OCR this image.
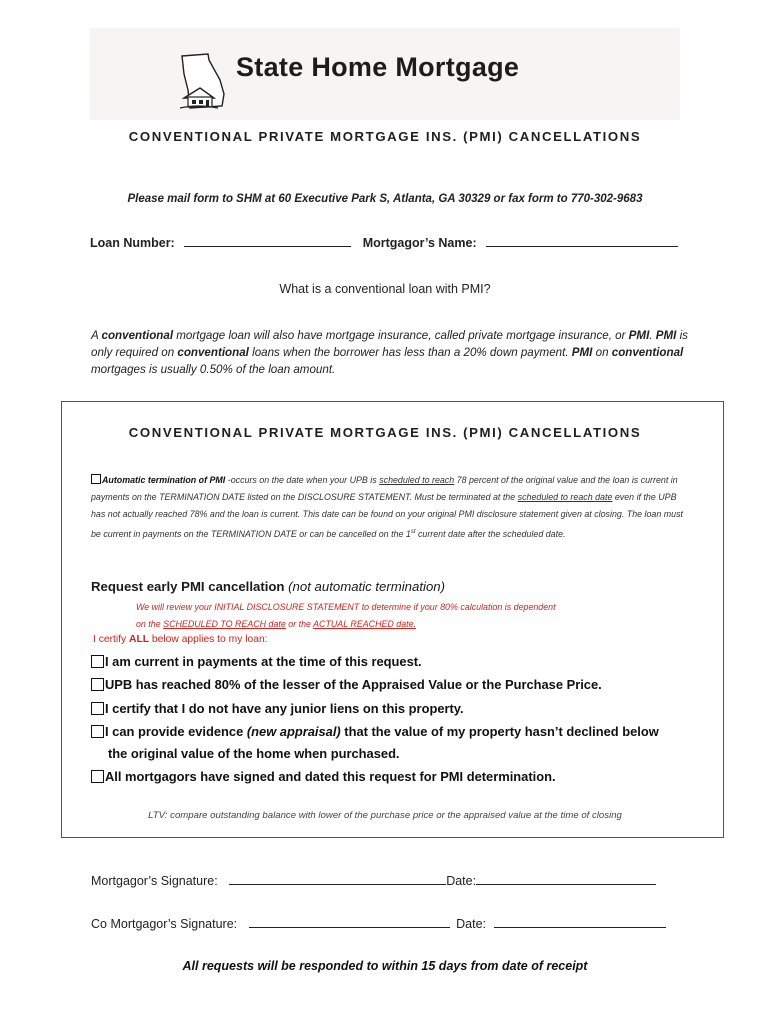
State Home Mortgage
CONVENTIONAL PRIVATE MORTGAGE INS. (PMI) CANCELLATIONS
Please mail form to SHM at 60 Executive Park S, Atlanta, GA 30329 or fax form to 770-302-9683
Loan Number:	Mortgagor’s Name:
What is a conventional loan with PMI?
A conventional mortgage loan will also have mortgage insurance, called private mortgage insurance, or PMI. PMI is only required on conventional loans when the borrower has less than a 20% down payment. PMI on conventional mortgages is usually 0.50% of the loan amount.
CONVENTIONAL PRIVATE MORTGAGE INS. (PMI) CANCELLATIONS
Automatic termination of PMI -occurs on the date when your UPB is scheduled to reach 78 percent of the original value and the loan is current in payments on the TERMINATION DATE listed on the DISCLOSURE STATEMENT. Must be terminated at the scheduled to reach date even if the UPB has not actually reached 78% and the loan is current. This date can be found on your original PMI disclosure statement given at closing. The loan must be current in payments on the TERMINATION DATE or can be cancelled on the 1st current date after the scheduled date.
Request early PMI cancellation (not automatic termination)
We will review your INITIAL DISCLOSURE STATEMENT to determine if your 80% calculation is dependent
on the SCHEDULED TO REACH date or the ACTUAL REACHED date.
I certify ALL below applies to my loan:
I am current in payments at the time of this request.
UPB has reached 80% of the lesser of the Appraised Value or the Purchase Price.
I certify that I do not have any junior liens on this property.
I can provide evidence (new appraisal) that the value of my property hasn’t declined below
the original value of the home when purchased.
All mortgagors have signed and dated this request for PMI determination.
LTV: compare outstanding balance with lower of the purchase price or the appraised value at the time of closing
Mortgagor’s Signature:	Date:
Co Mortgagor’s Signature:	Date:
All requests will be responded to within 15 days from date of receipt
